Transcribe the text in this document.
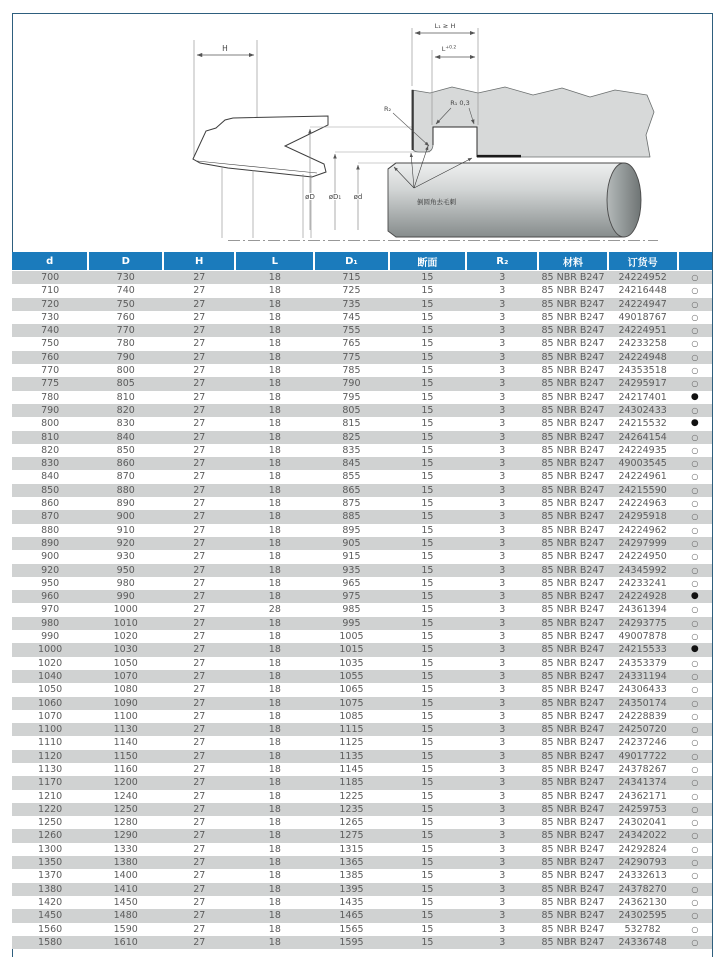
H
øD øD₁ ød
L₁ ≥ H
$L^{+0.2}$
R₂
R₁ 0,3
倒圆角去毛刺
d	D	H	L	D₁	断面	R₂	材料	订货号	
700	730	27	18	715	15	3	85 NBR B247	24224952	○
710	740	27	18	725	15	3	85 NBR B247	24216448	○
720	750	27	18	735	15	3	85 NBR B247	24224947	○
730	760	27	18	745	15	3	85 NBR B247	49018767	○
740	770	27	18	755	15	3	85 NBR B247	24224951	○
750	780	27	18	765	15	3	85 NBR B247	24233258	○
760	790	27	18	775	15	3	85 NBR B247	24224948	○
770	800	27	18	785	15	3	85 NBR B247	24353518	○
775	805	27	18	790	15	3	85 NBR B247	24295917	○
780	810	27	18	795	15	3	85 NBR B247	24217401	●
790	820	27	18	805	15	3	85 NBR B247	24302433	○
800	830	27	18	815	15	3	85 NBR B247	24215532	●
810	840	27	18	825	15	3	85 NBR B247	24264154	○
820	850	27	18	835	15	3	85 NBR B247	24224935	○
830	860	27	18	845	15	3	85 NBR B247	49003545	○
840	870	27	18	855	15	3	85 NBR B247	24224961	○
850	880	27	18	865	15	3	85 NBR B247	24215590	○
860	890	27	18	875	15	3	85 NBR B247	24224963	○
870	900	27	18	885	15	3	85 NBR B247	24295918	○
880	910	27	18	895	15	3	85 NBR B247	24224962	○
890	920	27	18	905	15	3	85 NBR B247	24297999	○
900	930	27	18	915	15	3	85 NBR B247	24224950	○
920	950	27	18	935	15	3	85 NBR B247	24345992	○
950	980	27	18	965	15	3	85 NBR B247	24233241	○
960	990	27	18	975	15	3	85 NBR B247	24224928	●
970	1000	27	28	985	15	3	85 NBR B247	24361394	○
980	1010	27	18	995	15	3	85 NBR B247	24293775	○
990	1020	27	18	1005	15	3	85 NBR B247	49007878	○
1000	1030	27	18	1015	15	3	85 NBR B247	24215533	●
1020	1050	27	18	1035	15	3	85 NBR B247	24353379	○
1040	1070	27	18	1055	15	3	85 NBR B247	24331194	○
1050	1080	27	18	1065	15	3	85 NBR B247	24306433	○
1060	1090	27	18	1075	15	3	85 NBR B247	24350174	○
1070	1100	27	18	1085	15	3	85 NBR B247	24228839	○
1100	1130	27	18	1115	15	3	85 NBR B247	24250720	○
1110	1140	27	18	1125	15	3	85 NBR B247	24237246	○
1120	1150	27	18	1135	15	3	85 NBR B247	49017722	○
1130	1160	27	18	1145	15	3	85 NBR B247	24378267	○
1170	1200	27	18	1185	15	3	85 NBR B247	24341374	○
1210	1240	27	18	1225	15	3	85 NBR B247	24362171	○
1220	1250	27	18	1235	15	3	85 NBR B247	24259753	○
1250	1280	27	18	1265	15	3	85 NBR B247	24302041	○
1260	1290	27	18	1275	15	3	85 NBR B247	24342022	○
1300	1330	27	18	1315	15	3	85 NBR B247	24292824	○
1350	1380	27	18	1365	15	3	85 NBR B247	24290793	○
1370	1400	27	18	1385	15	3	85 NBR B247	24332613	○
1380	1410	27	18	1395	15	3	85 NBR B247	24378270	○
1420	1450	27	18	1435	15	3	85 NBR B247	24362130	○
1450	1480	27	18	1465	15	3	85 NBR B247	24302595	○
1560	1590	27	18	1565	15	3	85 NBR B247	532782	○
1580	1610	27	18	1595	15	3	85 NBR B247	24336748	○
